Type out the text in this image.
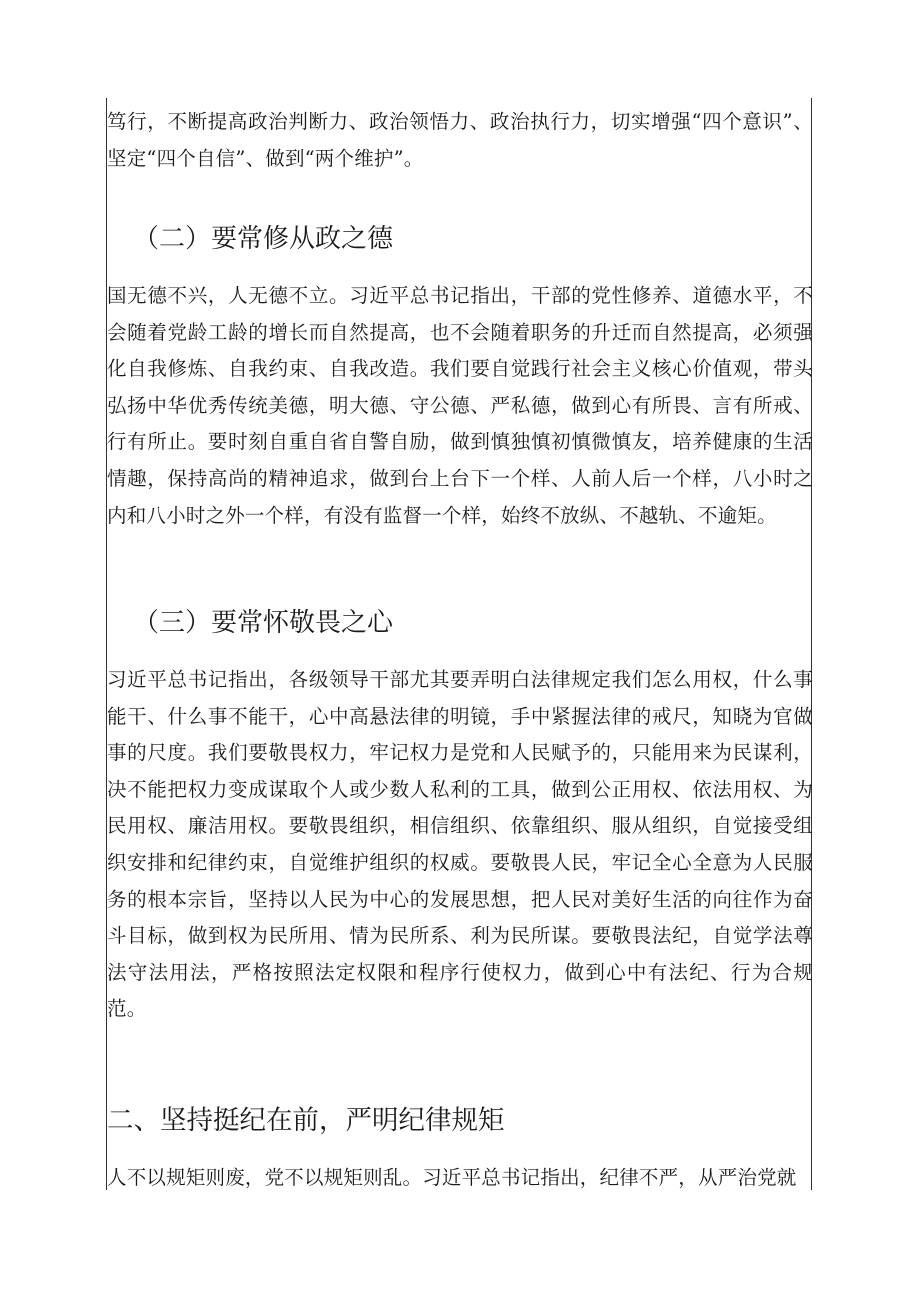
笃行，不断提高政治判断力、政治领悟力、政治执行力，切实增强“四个意识”、坚定“四个自信”、做到“两个维护”。

（二）要常修从政之德

国无德不兴，人无德不立。习近平总书记指出，干部的党性修养、道德水平，不会随着党龄工龄的增长而自然提高，也不会随着职务的升迁而自然提高，必须强化自我修炼、自我约束、自我改造。我们要自觉践行社会主义核心价值观，带头弘扬中华优秀传统美德，明大德、守公德、严私德，做到心有所畏、言有所戒、行有所止。要时刻自重自省自警自励，做到慎独慎初慎微慎友，培养健康的生活情趣，保持高尚的精神追求，做到台上台下一个样、人前人后一个样，八小时之内和八小时之外一个样，有没有监督一个样，始终不放纵、不越轨、不逾矩。

（三）要常怀敬畏之心

习近平总书记指出，各级领导干部尤其要弄明白法律规定我们怎么用权，什么事能干、什么事不能干，心中高悬法律的明镜，手中紧握法律的戒尺，知晓为官做事的尺度。我们要敬畏权力，牢记权力是党和人民赋予的，只能用来为民谋利，决不能把权力变成谋取个人或少数人私利的工具，做到公正用权、依法用权、为民用权、廉洁用权。要敬畏组织，相信组织、依靠组织、服从组织，自觉接受组织安排和纪律约束，自觉维护组织的权威。要敬畏人民，牢记全心全意为人民服务的根本宗旨，坚持以人民为中心的发展思想，把人民对美好生活的向往作为奋斗目标，做到权为民所用、情为民所系、利为民所谋。要敬畏法纪，自觉学法尊法守法用法，严格按照法定权限和程序行使权力，做到心中有法纪、行为合规范。

二、坚持挺纪在前，严明纪律规矩

人不以规矩则废，党不以规矩则乱。习近平总书记指出，纪律不严，从严治党就
